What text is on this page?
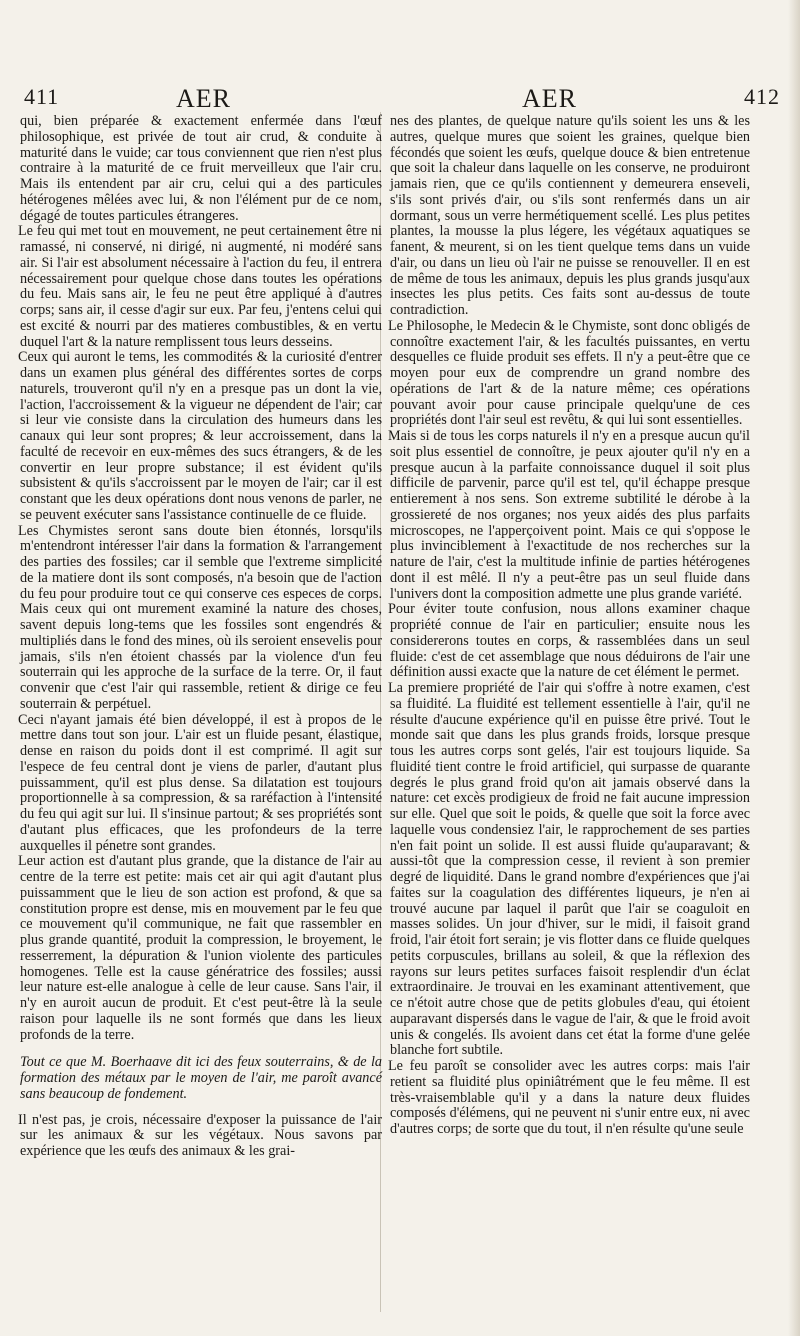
411	AER	AER	412

qui, bien préparée & exactement enfermée dans l'œuf philosophique, est privée de tout air crud, & conduite à maturité dans le vuide; car tous conviennent que rien n'est plus contraire à la maturité de ce fruit merveilleux que l'air cru. Mais ils entendent par air cru, celui qui a des particules hétérogenes mêlées avec lui, & non l'élément pur de ce nom, dégagé de toutes particules étrangeres.

Le feu qui met tout en mouvement, ne peut certainement être ni ramassé, ni conservé, ni dirigé, ni augmenté, ni modéré sans air. Si l'air est absolument nécessaire à l'action du feu, il entrera nécessairement pour quelque chose dans toutes les opérations du feu. Mais sans air, le feu ne peut être appliqué à d'autres corps; sans air, il cesse d'agir sur eux. Par feu, j'entens celui qui est excité & nourri par des matieres combustibles, & en vertu duquel l'art & la nature remplissent tous leurs desseins.

Ceux qui auront le tems, les commodités & la curiosité d'entrer dans un examen plus général des différentes sortes de corps naturels, trouveront qu'il n'y en a presque pas un dont la vie, l'action, l'accroissement & la vigueur ne dépendent de l'air; car si leur vie consiste dans la circulation des humeurs dans les canaux qui leur sont propres; & leur accroissement, dans la faculté de recevoir en eux-mêmes des sucs étrangers, & de les convertir en leur propre substance; il est évident qu'ils subsistent & qu'ils s'accroissent par le moyen de l'air; car il est constant que les deux opérations dont nous venons de parler, ne se peuvent exécuter sans l'assistance continuelle de ce fluide.

Les Chymistes seront sans doute bien étonnés, lorsqu'ils m'entendront intéresser l'air dans la formation & l'arrangement des parties des fossiles; car il semble que l'extreme simplicité de la matiere dont ils sont composés, n'a besoin que de l'action du feu pour produire tout ce qui conserve ces especes de corps. Mais ceux qui ont murement examiné la nature des choses, savent depuis long-tems que les fossiles sont engendrés & multipliés dans le fond des mines, où ils seroient ensevelis pour jamais, s'ils n'en étoient chassés par la violence d'un feu souterrain qui les approche de la surface de la terre. Or, il faut convenir que c'est l'air qui rassemble, retient & dirige ce feu souterrain & perpétuel.

Ceci n'ayant jamais été bien développé, il est à propos de le mettre dans tout son jour. L'air est un fluide pesant, élastique, dense en raison du poids dont il est comprimé. Il agit sur l'espece de feu central dont je viens de parler, d'autant plus puissamment, qu'il est plus dense. Sa dilatation est toujours proportionnelle à sa compression, & sa raréfaction à l'intensité du feu qui agit sur lui. Il s'insinue partout; & ses propriétés sont d'autant plus efficaces, que les profondeurs de la terre auxquelles il pénetre sont grandes.

Leur action est d'autant plus grande, que la distance de l'air au centre de la terre est petite: mais cet air qui agit d'autant plus puissamment que le lieu de son action est profond, & que sa constitution propre est dense, mis en mouvement par le feu que ce mouvement qu'il communique, ne fait que rassembler en plus grande quantité, produit la compression, le broyement, le resserrement, la dépuration & l'union violente des particules homogenes. Telle est la cause génératrice des fossiles; aussi leur nature est-elle analogue à celle de leur cause. Sans l'air, il n'y en auroit aucun de produit. Et c'est peut-être là la seule raison pour laquelle ils ne sont formés que dans les lieux profonds de la terre.

Tout ce que M. Boerhaave dit ici des feux souterrains, & de la formation des métaux par le moyen de l'air, me paroît avancé sans beaucoup de fondement.

Il n'est pas, je crois, nécessaire d'exposer la puissance de l'air sur les animaux & sur les végétaux. Nous savons par expérience que les œufs des animaux & les grai-

nes des plantes, de quelque nature qu'ils soient les uns & les autres, quelque mures que soient les graines, quelque bien fécondés que soient les œufs, quelque douce & bien entretenue que soit la chaleur dans laquelle on les conserve, ne produiront jamais rien, que ce qu'ils contiennent y demeurera enseveli, s'ils sont privés d'air, ou s'ils sont renfermés dans un air dormant, sous un verre hermétiquement scellé. Les plus petites plantes, la mousse la plus légere, les végétaux aquatiques se fanent, & meurent, si on les tient quelque tems dans un vuide d'air, ou dans un lieu où l'air ne puisse se renouveller. Il en est de même de tous les animaux, depuis les plus grands jusqu'aux insectes les plus petits. Ces faits sont au-dessus de toute contradiction.

Le Philosophe, le Medecin & le Chymiste, sont donc obligés de connoître exactement l'air, & les facultés puissantes, en vertu desquelles ce fluide produit ses effets. Il n'y a peut-être que ce moyen pour eux de comprendre un grand nombre des opérations de l'art & de la nature même; ces opérations pouvant avoir pour cause principale quelqu'une de ces propriétés dont l'air seul est revêtu, & qui lui sont essentielles.

Mais si de tous les corps naturels il n'y en a presque aucun qu'il soit plus essentiel de connoître, je peux ajouter qu'il n'y en a presque aucun à la parfaite connoissance duquel il soit plus difficile de parvenir, parce qu'il est tel, qu'il échappe presque entierement à nos sens. Son extreme subtilité le dérobe à la grossiereté de nos organes; nos yeux aidés des plus parfaits microscopes, ne l'apperçoivent point. Mais ce qui s'oppose le plus invinciblement à l'exactitude de nos recherches sur la nature de l'air, c'est la multitude infinie de parties hétérogenes dont il est mêlé. Il n'y a peut-être pas un seul fluide dans l'univers dont la composition admette une plus grande variété.

Pour éviter toute confusion, nous allons examiner chaque propriété connue de l'air en particulier; ensuite nous les considererons toutes en corps, & rassemblées dans un seul fluide: c'est de cet assemblage que nous déduirons de l'air une définition aussi exacte que la nature de cet élément le permet.

La premiere propriété de l'air qui s'offre à notre examen, c'est sa fluidité. La fluidité est tellement essentielle à l'air, qu'il ne résulte d'aucune expérience qu'il en puisse être privé. Tout le monde sait que dans les plus grands froids, lorsque presque tous les autres corps sont gelés, l'air est toujours liquide. Sa fluidité tient contre le froid artificiel, qui surpasse de quarante degrés le plus grand froid qu'on ait jamais observé dans la nature: cet excès prodigieux de froid ne fait aucune impression sur elle. Quel que soit le poids, & quelle que soit la force avec laquelle vous condensiez l'air, le rapprochement de ses parties n'en fait point un solide. Il est aussi fluide qu'auparavant; & aussi-tôt que la compression cesse, il revient à son premier degré de liquidité. Dans le grand nombre d'expériences que j'ai faites sur la coagulation des différentes liqueurs, je n'en ai trouvé aucune par laquel il parût que l'air se coaguloit en masses solides. Un jour d'hiver, sur le midi, il faisoit grand froid, l'air étoit fort serain; je vis flotter dans ce fluide quelques petits corpuscules, brillans au soleil, & que la réflexion des rayons sur leurs petites surfaces faisoit resplendir d'un éclat extraordinaire. Je trouvai en les examinant attentivement, que ce n'étoit autre chose que de petits globules d'eau, qui étoient auparavant dispersés dans le vague de l'air, & que le froid avoit unis & congelés. Ils avoient dans cet état la forme d'une gelée blanche fort subtile.

Le feu paroît se consolider avec les autres corps: mais l'air retient sa fluidité plus opiniâtrément que le feu même. Il est très-vraisemblable qu'il y a dans la nature deux fluides composés d'élémens, qui ne peuvent ni s'unir entre eux, ni avec d'autres corps; de sorte que du tout, il n'en résulte qu'une seule
